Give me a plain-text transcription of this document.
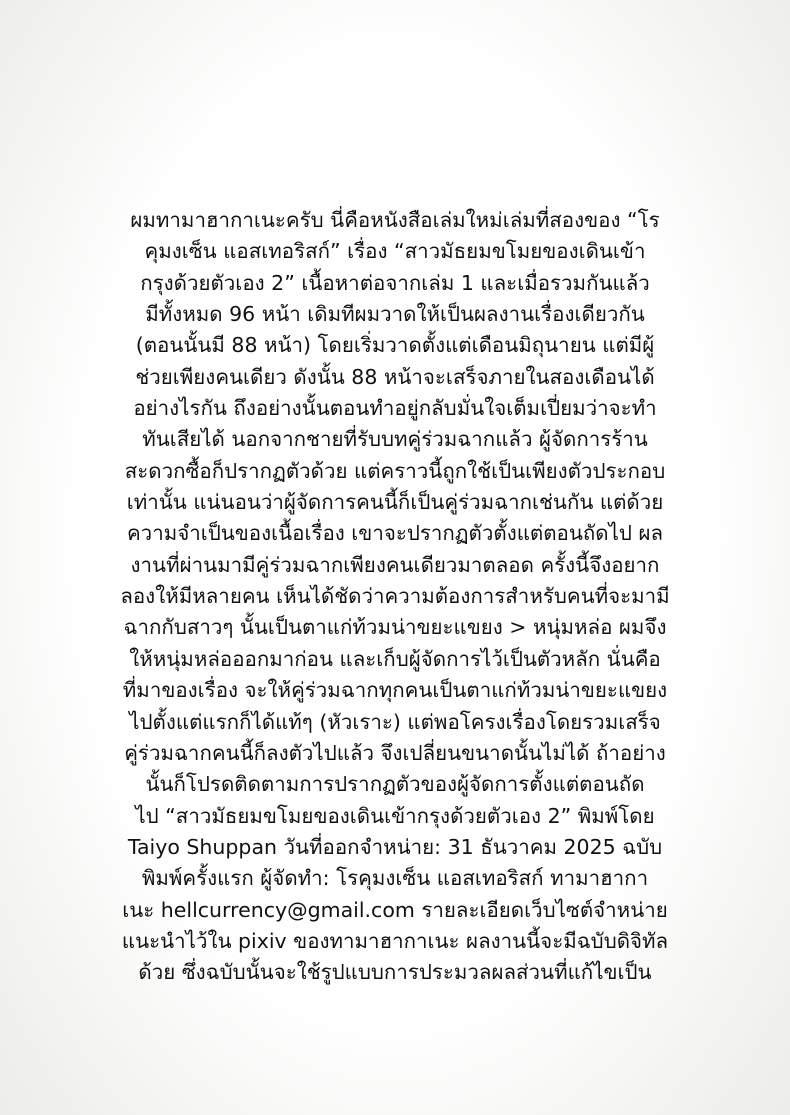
ผมทามาฮากาเนะครับ นี่คือหนังสือเล่มใหม่เล่มที่สองของ “โร
คุมงเซ็น แอสเทอริสก์” เรื่อง “สาวมัธยมขโมยของเดินเข้า
กรุงด้วยตัวเอง 2” เนื้อหาต่อจากเล่ม 1 และเมื่อรวมกันแล้ว
มีทั้งหมด 96 หน้า เดิมทีผมวาดให้เป็นผลงานเรื่องเดียวกัน
(ตอนนั้นมี 88 หน้า) โดยเริ่มวาดตั้งแต่เดือนมิถุนายน แต่มีผู้
ช่วยเพียงคนเดียว ดังนั้น 88 หน้าจะเสร็จภายในสองเดือนได้
อย่างไรกัน ถึงอย่างนั้นตอนทำอยู่กลับมั่นใจเต็มเปี่ยมว่าจะทำ
ทันเสียได้ นอกจากชายที่รับบทคู่ร่วมฉากแล้ว ผู้จัดการร้าน
สะดวกซื้อก็ปรากฏตัวด้วย แต่คราวนี้ถูกใช้เป็นเพียงตัวประกอบ
เท่านั้น แน่นอนว่าผู้จัดการคนนี้ก็เป็นคู่ร่วมฉากเช่นกัน แต่ด้วย
ความจำเป็นของเนื้อเรื่อง เขาจะปรากฏตัวตั้งแต่ตอนถัดไป ผล
งานที่ผ่านมามีคู่ร่วมฉากเพียงคนเดียวมาตลอด ครั้งนี้จึงอยาก
ลองให้มีหลายคน เห็นได้ชัดว่าความต้องการสำหรับคนที่จะมามี
ฉากกับสาวๆ นั้นเป็นตาแก่ท้วมน่าขยะแขยง > หนุ่มหล่อ ผมจึง
ให้หนุ่มหล่อออกมาก่อน และเก็บผู้จัดการไว้เป็นตัวหลัก นั่นคือ
ที่มาของเรื่อง จะให้คู่ร่วมฉากทุกคนเป็นตาแก่ท้วมน่าขยะแขยง
ไปตั้งแต่แรกก็ได้แท้ๆ (หัวเราะ) แต่พอโครงเรื่องโดยรวมเสร็จ
คู่ร่วมฉากคนนี้ก็ลงตัวไปแล้ว จึงเปลี่ยนขนาดนั้นไม่ได้ ถ้าอย่าง
นั้นก็โปรดติดตามการปรากฏตัวของผู้จัดการตั้งแต่ตอนถัด
ไป “สาวมัธยมขโมยของเดินเข้ากรุงด้วยตัวเอง 2” พิมพ์โดย
Taiyo Shuppan วันที่ออกจำหน่าย: 31 ธันวาคม 2025 ฉบับ
พิมพ์ครั้งแรก ผู้จัดทำ: โรคุมงเซ็น แอสเทอริสก์ ทามาฮากา
เนะ hellcurrency@gmail.com รายละเอียดเว็บไซต์จำหน่าย
แนะนำไว้ใน pixiv ของทามาฮากาเนะ ผลงานนี้จะมีฉบับดิจิทัล
ด้วย ซึ่งฉบับนั้นจะใช้รูปแบบการประมวลผลส่วนที่แก้ไขเป็น
